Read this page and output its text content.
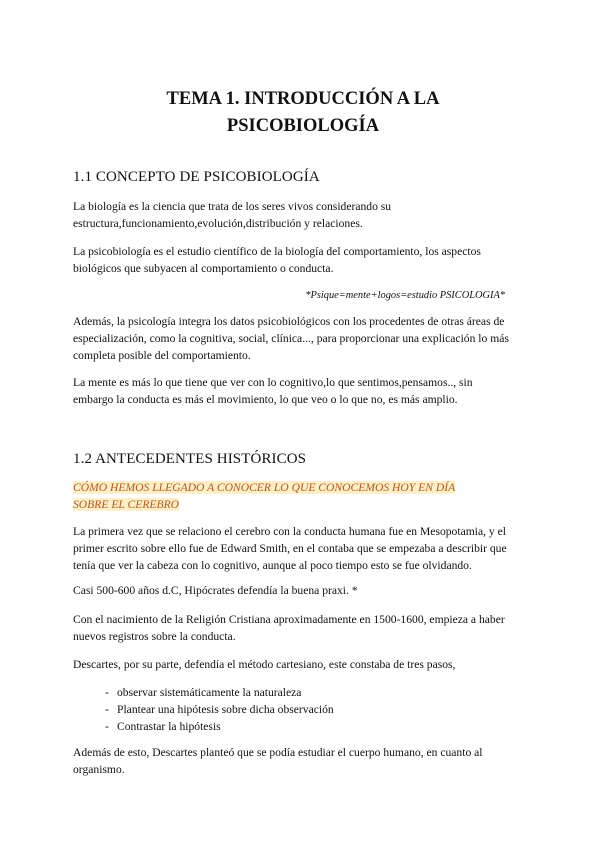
TEMA 1. INTRODUCCIÓN A LA
PSICOBIOLOGÍA
1.1 CONCEPTO DE PSICOBIOLOGÍA

La biología es la ciencia que trata de los seres vivos considerando su
estructura,funcionamiento,evolución,distribución y relaciones.

La psicobiología es el estudio científico de la biología del comportamiento, los aspectos
biológicos que subyacen al comportamiento o conducta.

*Psique=mente+logos=estudio PSICOLOGIA*

Además, la psicología integra los datos psicobiológicos con los procedentes de otras áreas de
especialización, como la cognitiva, social, clínica..., para proporcionar una explicación lo más
completa posible del comportamiento.

La mente es más lo que tiene que ver con lo cognitivo,lo que sentimos,pensamos.., sin
embargo la conducta es más el movimiento, lo que veo o lo que no, es más amplio.

1.2 ANTECEDENTES HISTÓRICOS

CÓMO HEMOS LLEGADO A CONOCER LO QUE CONOCEMOS HOY EN DÍA
SOBRE EL CEREBRO

La primera vez que se relaciono el cerebro con la conducta humana fue en Mesopotamia, y el
primer escrito sobre ello fue de Edward Smith, en el contaba que se empezaba a describir que
tenía que ver la cabeza con lo cognitivo, aunque al poco tiempo esto se fue olvidando.

Casi 500-600 años d.C, Hipócrates defendía la buena praxi. *

Con el nacimiento de la Religión Cristiana aproximadamente en 1500-1600, empieza a haber
nuevos registros sobre la conducta.

Descartes, por su parte, defendía el método cartesiano, este constaba de tres pasos,

- observar sistemáticamente la naturaleza
- Plantear una hipótesis sobre dicha observación
- Contrastar la hipótesis

Además de esto, Descartes planteó que se podía estudiar el cuerpo humano, en cuanto al
organismo.
